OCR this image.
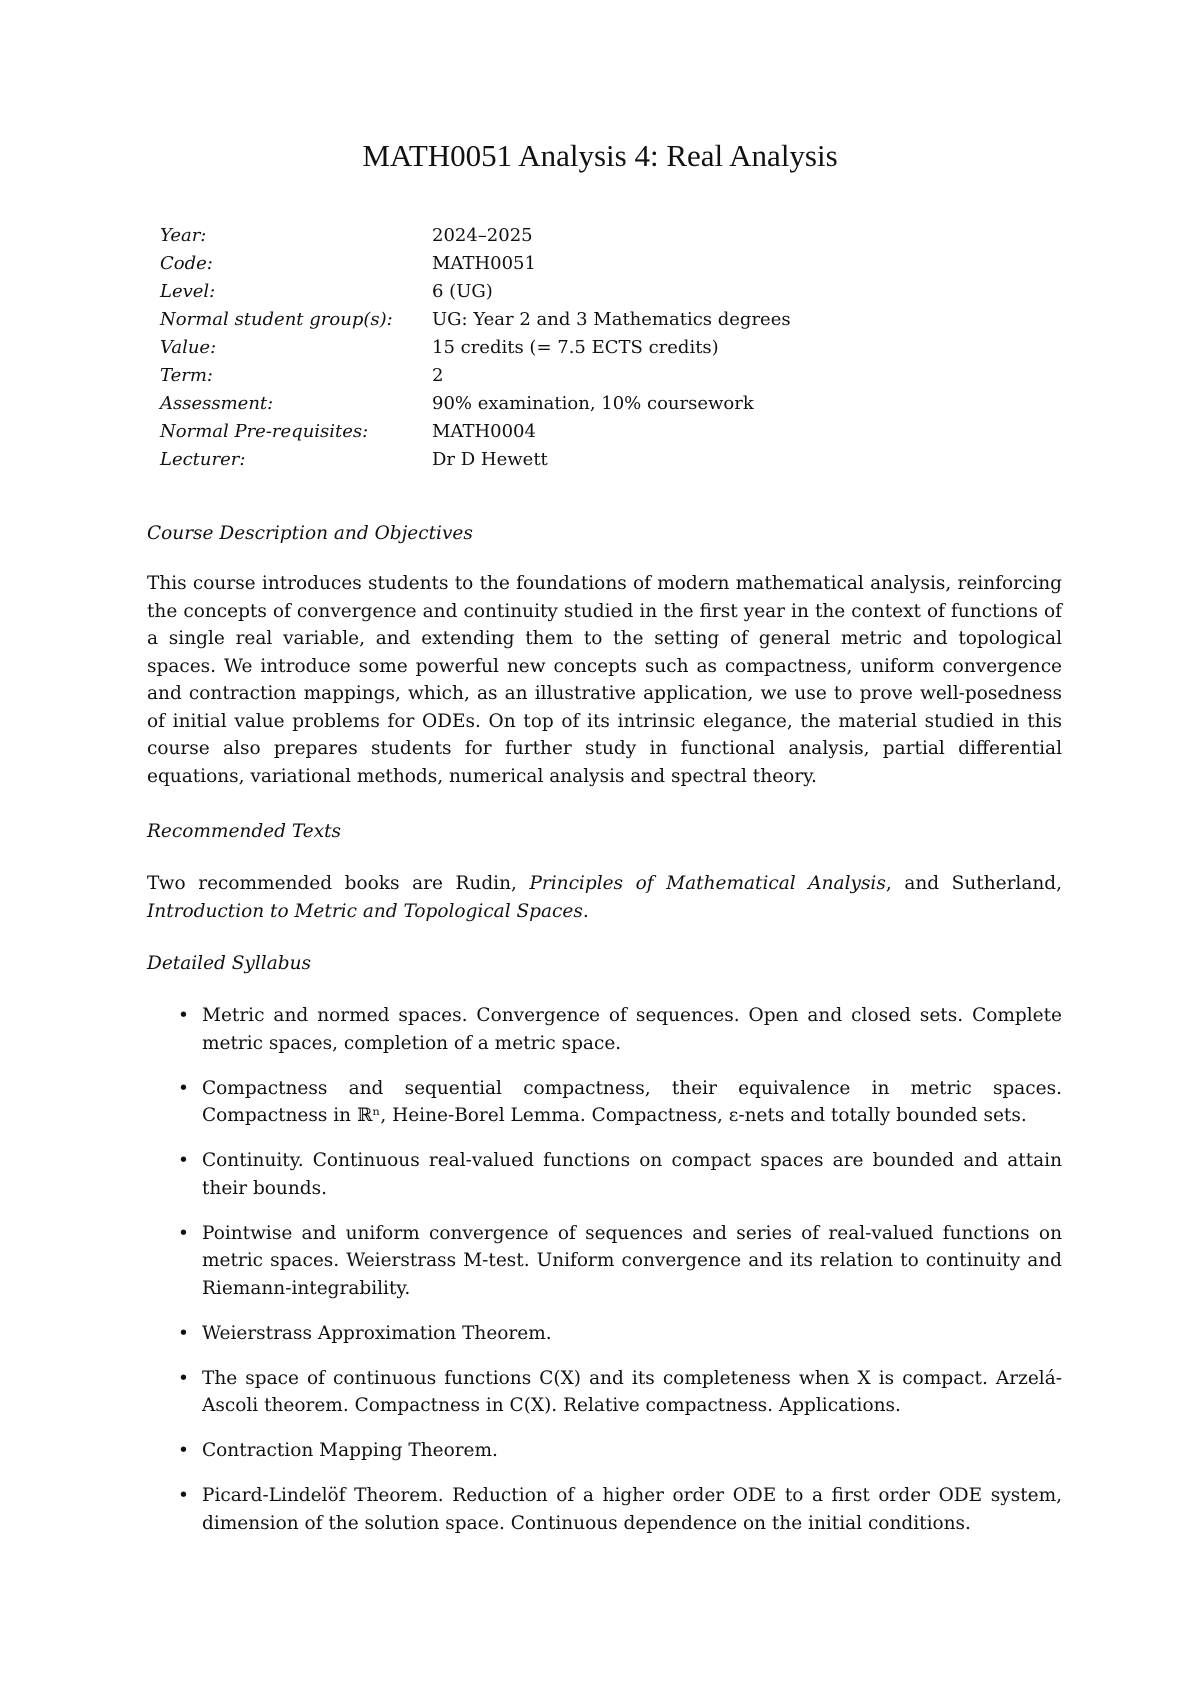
MATH0051 Analysis 4: Real Analysis
Year:	2024–2025
Code:	MATH0051
Level:	6 (UG)
Normal student group(s):	UG: Year 2 and 3 Mathematics degrees
Value:	15 credits (= 7.5 ECTS credits)
Term:	2
Assessment:	90% examination, 10% coursework
Normal Pre-requisites:	MATH0004
Lecturer:	Dr D Hewett

Course Description and Objectives

This course introduces students to the foundations of modern mathematical analysis, reinforcing the concepts of convergence and continuity studied in the first year in the context of functions of a single real variable, and extending them to the setting of general metric and topological spaces. We introduce some powerful new concepts such as compactness, uniform convergence and contraction mappings, which, as an illustrative application, we use to prove well-posedness of initial value problems for ODEs. On top of its intrinsic elegance, the material studied in this course also prepares students for further study in functional analysis, partial differential equations, variational methods, numerical analysis and spectral theory.

Recommended Texts

Two recommended books are Rudin, Principles of Mathematical Analysis, and Sutherland, Introduction to Metric and Topological Spaces.

Detailed Syllabus

• Metric and normed spaces. Convergence of sequences. Open and closed sets. Complete metric spaces, completion of a metric space.
• Compactness and sequential compactness, their equivalence in metric spaces. Compactness in ℝⁿ, Heine-Borel Lemma. Compactness, ε-nets and totally bounded sets.
• Continuity. Continuous real-valued functions on compact spaces are bounded and attain their bounds.
• Pointwise and uniform convergence of sequences and series of real-valued functions on metric spaces. Weierstrass M-test. Uniform convergence and its relation to continuity and Riemann-integrability.
• Weierstrass Approximation Theorem.
• The space of continuous functions C(X) and its completeness when X is compact. Arzelá-Ascoli theorem. Compactness in C(X). Relative compactness. Applications.
• Contraction Mapping Theorem.
• Picard-Lindelöf Theorem. Reduction of a higher order ODE to a first order ODE system, dimension of the solution space. Continuous dependence on the initial conditions.
